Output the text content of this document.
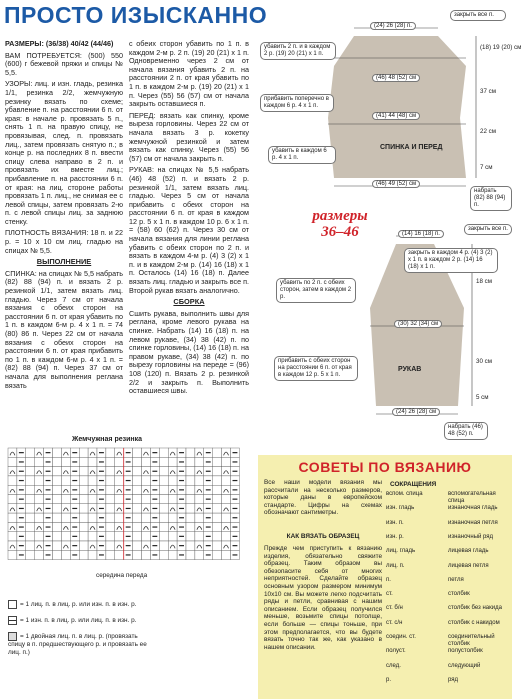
ПРОСТО ИЗЫСКАННО

РАЗМЕРЫ: (36/38) 40/42 (44/46)

ВАМ ПОТРЕБУЕТСЯ: (500) 550 (600) г бежевой пряжи и спицы № 5,5.

УЗОРЫ: лиц. и изн. гладь, резинка 1/1, резинка 2/2, жемчужную резинку вязать по схеме; убавление п. на расстоянии 6 п. от края: в начале р. провязать 5 п., снять 1 п. на правую спицу, не провязывая, след. п. провязать лиц., затем провязать снятую п.; в конце р. на последних 8 п. ввести спицу слева направо в 2 п. и провязать их вместе лиц.; прибавление п. на расстоянии 6 п. от края: на лиц. стороне работы провязать 1 п. лиц., не снимая ее с левой спицы, затем провязать 2-ю п. с левой спицы лиц. за заднюю стенку.

ПЛОТНОСТЬ ВЯЗАНИЯ: 18 п. и 22 р. = 10 х 10 см лиц. гладью на спицах № 5,5.

ВЫПОЛНЕНИЕ

СПИНКА: на спицах № 5,5 набрать (82) 88 (94) п. и вязать 2 р. резинкой 1/1, затем вязать лиц. гладью. Через 7 см от начала вязания с обеих сторон на расстоянии 6 п. от края убавить по 1 п. в каждом 6-м р. 4 х 1 п. = 74 (80) 86 п. Через 22 см от начала вязания с обеих сторон на расстоянии 6 п. от края прибавить по 1 п. в каждом 6-м р. 4 х 1 п. = (82) 88 (94) п. Через 37 см от начала для выполнения реглана вязать

с обеих сторон убавить по 1 п. в каждом 2-м р. 2 п. (19) 20 (21) х 1 п. Одновременно через 2 см от начала вязания убавить 2 п. на расстоянии 2 п. от края убавить по 1 п. в каждом 2-м р. (19) 20 (21) х 1 п. Через (55) 56 (57) см от начала закрыть оставшиеся п.

ПЕРЕД: вязать как спинку, кроме выреза горловины. Через 22 см от начала вязать 3 р. кокетку жемчужной резинкой и затем вязать как спинку. Через (55) 56 (57) см от начала закрыть п.

РУКАВ: на спицах № 5,5 набрать (46) 48 (52) п. и вязать 2 р. резинкой 1/1, затем вязать лиц. гладью. Через 5 см от начала прибавить с обеих сторон на расстоянии 6 п. от края в каждом 12 р. 5 х 1 п. в каждом 10 р. 6 х 1 п. = (58) 60 (62) п. Через 30 см от начала вязания для линии реглана убавить с обеих сторон по 2 п. и вязать в каждом 4-м р. (4) 3 (2) х 1 п. и в каждом 2-м р. (14) 16 (18) х 1 п. Осталось (14) 16 (18) п. Далее вязать лиц. гладью и закрыть все п. Второй рукав вязать аналогично.

СБОРКА

Сшить рукава, выполнить швы для реглана, кроме левого рукава на спинке. Набрать (14) 16 (18) п. на левом рукаве, (34) 38 (42) п. по спинке горловины, (14) 16 (18) п. на правом рукаве, (34) 38 (42) п. по вырезу горловины на переде = (96) 108 (120) п. Вязать 2 р. резинкой 2/2 и закрыть п. Выполнить оставшиеся швы.

(24) 26 (28) п.
закрыть все п.
убавить 2 п. и в каждом 2 р. (19) 20 (21) х 1 п.
(46) 48 (52) см
прибавить поперечно в каждом 6 р. 4 х 1 п.
(41) 44 (48) см
СПИНКА И ПЕРЕД
убавить в каждом 6 р. 4 х 1 п.
(46) 49 (52) см
набрать (82) 88 (94) п.
(18) 19 (20) см
37 см
22 см
7 см
размеры 36–46	(14) 16 (18) п.
закрыть все п.
закрыть в каждом 4 р. (4) 3 (2) х 1 п. в каждом 2 р. (14) 16 (18) х 1 п.
убавить по 2 п. с обеих сторон, затем в каждом 2 р.
(30) 32 (34) см
прибавить с обеих сторон на расстоянии 6 п. от края в каждом 12 р. 5 х 1 п.
РУКАВ
(24) 26 (28) см
набрать (46) 48 (52) п.
18 см
30 см
5 см
Жемчужная резинка
середина переда
= 1 лиц. п. в лиц. р. или изн. п. в изн. р.
= 1 изн. п. в лиц. р. или лиц. п. в изн. р.
= 1 двойная лиц. п. в лиц. р. (провязать спицу в п. предшествующего р. и провязать ее лиц. п.)
СОВЕТЫ ПО ВЯЗАНИЮ
Все наши модели вязания мы рассчитали на несколько размеров, которые даны в европейском стандарте. Цифры на схемах обозначают сантиметры.
КАК ВЯЗАТЬ ОБРАЗЕЦ
Прежде чем приступить к вязанию изделия, обязательно свяжите образец. Таким образом вы обезопасите себя от многих неприятностей. Сделайте образец основным узором размером минимум 10х10 см. Вы можете легко подсчитать ряды и петли, сравнивая с нашим описанием. Если образец получился меньше, возьмите спицы потолще, если больше — спицы тоньше, при этом предполагается, что вы будете вязать точно так же, как указано в нашем описании.
СОКРАЩЕНИЯ
вспом. спица	вспомогательная спица
изн. гладь	изнаночная гладь
изн. п.	изнаночная петля
изн. р.	изнаночный ряд
лиц. гладь	лицевая гладь
лиц. п.	лицевая петля
п.	петля
ст.	столбик
ст. б/н	столбик без накида
ст. с/н	столбик с накидом
соедин. ст.	соединительный столбик
полуст.	полустолбик
след.	следующий
р.	ряд
